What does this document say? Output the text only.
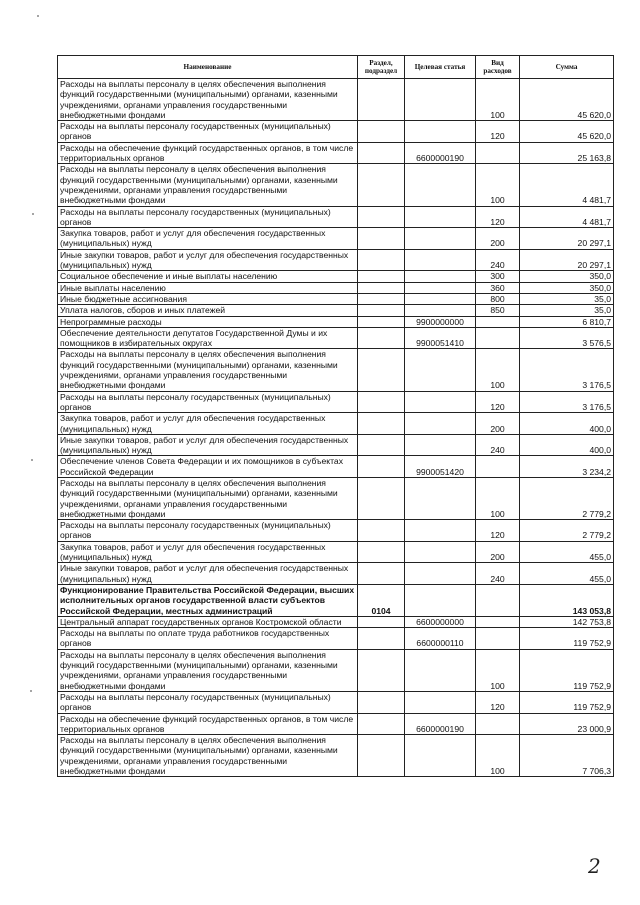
Наименование	Раздел, подраздел	Целевая статья	Вид расходов	Сумма
Расходы на выплаты персоналу в целях обеспечения выполнения функций государственными (муниципальными) органами, казенными учреждениями, органами управления государственными внебюджетными фондами			100	45 620,0
Расходы на выплаты персоналу государственных (муниципальных) органов			120	45 620,0
Расходы на обеспечение функций государственных органов, в том числе территориальных органов		6600000190		25 163,8
Расходы на выплаты персоналу в целях обеспечения выполнения функций государственными (муниципальными) органами, казенными учреждениями, органами управления государственными внебюджетными фондами			100	4 481,7
Расходы на выплаты персоналу государственных (муниципальных) органов			120	4 481,7
Закупка товаров, работ и услуг для обеспечения государственных (муниципальных) нужд			200	20 297,1
Иные закупки товаров, работ и услуг для обеспечения государственных (муниципальных) нужд			240	20 297,1
Социальное обеспечение и иные выплаты населению			300	350,0
Иные выплаты населению			360	350,0
Иные бюджетные ассигнования			800	35,0
Уплата налогов, сборов и иных платежей			850	35,0
Непрограммные расходы		9900000000		6 810,7
Обеспечение деятельности депутатов Государственной Думы и их помощников в избирательных округах		9900051410		3 576,5
Расходы на выплаты персоналу в целях обеспечения выполнения функций государственными (муниципальными) органами, казенными учреждениями, органами управления государственными внебюджетными фондами			100	3 176,5
Расходы на выплаты персоналу государственных (муниципальных) органов			120	3 176,5
Закупка товаров, работ и услуг для обеспечения государственных (муниципальных) нужд			200	400,0
Иные закупки товаров, работ и услуг для обеспечения государственных (муниципальных) нужд			240	400,0
Обеспечение членов Совета Федерации и их помощников в субъектах Российской Федерации		9900051420		3 234,2
Расходы на выплаты персоналу в целях обеспечения выполнения функций государственными (муниципальными) органами, казенными учреждениями, органами управления государственными внебюджетными фондами			100	2 779,2
Расходы на выплаты персоналу государственных (муниципальных) органов			120	2 779,2
Закупка товаров, работ и услуг для обеспечения государственных (муниципальных) нужд			200	455,0
Иные закупки товаров, работ и услуг для обеспечения государственных (муниципальных) нужд			240	455,0
Функционирование Правительства Российской Федерации, высших исполнительных органов государственной власти субъектов Российской Федерации, местных администраций	0104			143 053,8
Центральный аппарат государственных органов Костромской области		6600000000		142 753,8
Расходы на выплаты по оплате труда работников государственных органов		6600000110		119 752,9
Расходы на выплаты персоналу в целях обеспечения выполнения функций государственными (муниципальными) органами, казенными учреждениями, органами управления государственными внебюджетными фондами			100	119 752,9
Расходы на выплаты персоналу государственных (муниципальных) органов			120	119 752,9
Расходы на обеспечение функций государственных органов, в том числе территориальных органов		6600000190		23 000,9
Расходы на выплаты персоналу в целях обеспечения выполнения функций государственными (муниципальными) органами, казенными учреждениями, органами управления государственными внебюджетными фондами			100	7 706,3
2
